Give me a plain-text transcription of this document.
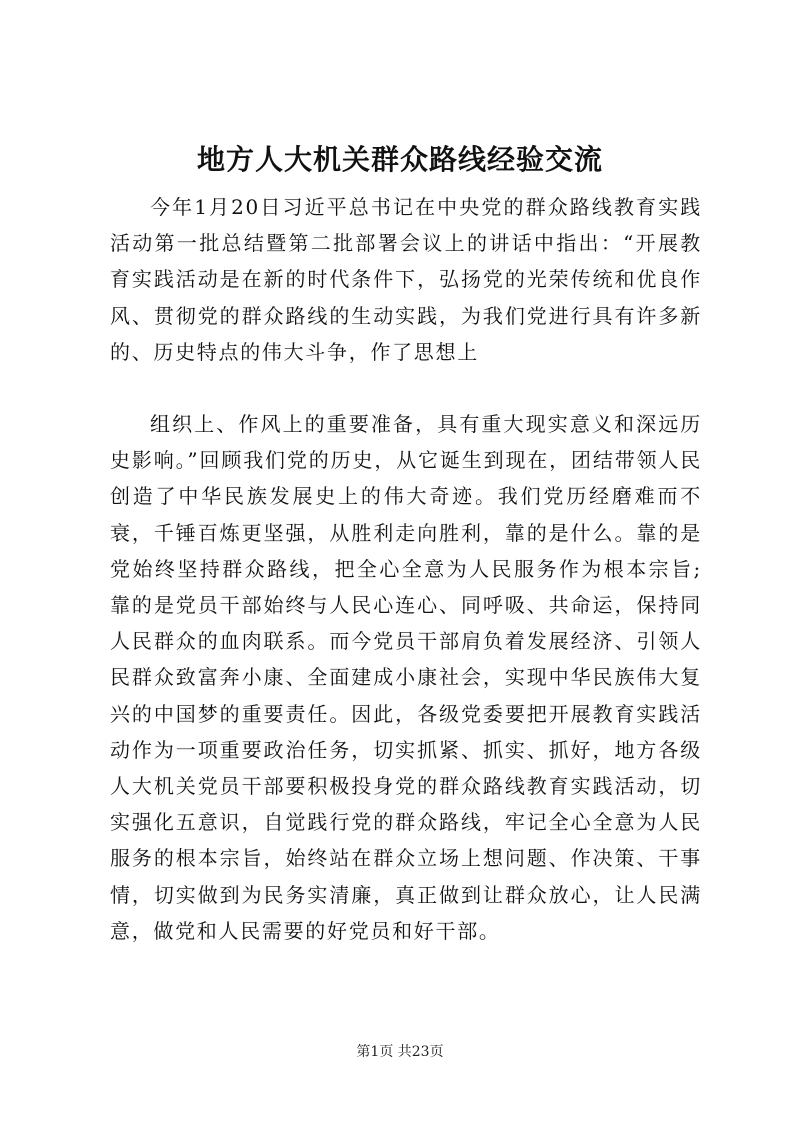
地方人大机关群众路线经验交流

今年1月20日习近平总书记在中央党的群众路线教育实践活动第一批总结暨第二批部署会议上的讲话中指出：“开展教育实践活动是在新的时代条件下，弘扬党的光荣传统和优良作风、贯彻党的群众路线的生动实践，为我们党进行具有许多新的、历史特点的伟大斗争，作了思想上

组织上、作风上的重要准备，具有重大现实意义和深远历史影响。”回顾我们党的历史，从它诞生到现在，团结带领人民创造了中华民族发展史上的伟大奇迹。我们党历经磨难而不衰，千锤百炼更坚强，从胜利走向胜利，靠的是什么。靠的是党始终坚持群众路线，把全心全意为人民服务作为根本宗旨;靠的是党员干部始终与人民心连心、同呼吸、共命运，保持同人民群众的血肉联系。而今党员干部肩负着发展经济、引领人民群众致富奔小康、全面建成小康社会，实现中华民族伟大复兴的中国梦的重要责任。因此，各级党委要把开展教育实践活动作为一项重要政治任务，切实抓紧、抓实、抓好，地方各级人大机关党员干部要积极投身党的群众路线教育实践活动，切实强化五意识，自觉践行党的群众路线，牢记全心全意为人民服务的根本宗旨，始终站在群众立场上想问题、作决策、干事情，切实做到为民务实清廉，真正做到让群众放心，让人民满意，做党和人民需要的好党员和好干部。

第1页 共23页
